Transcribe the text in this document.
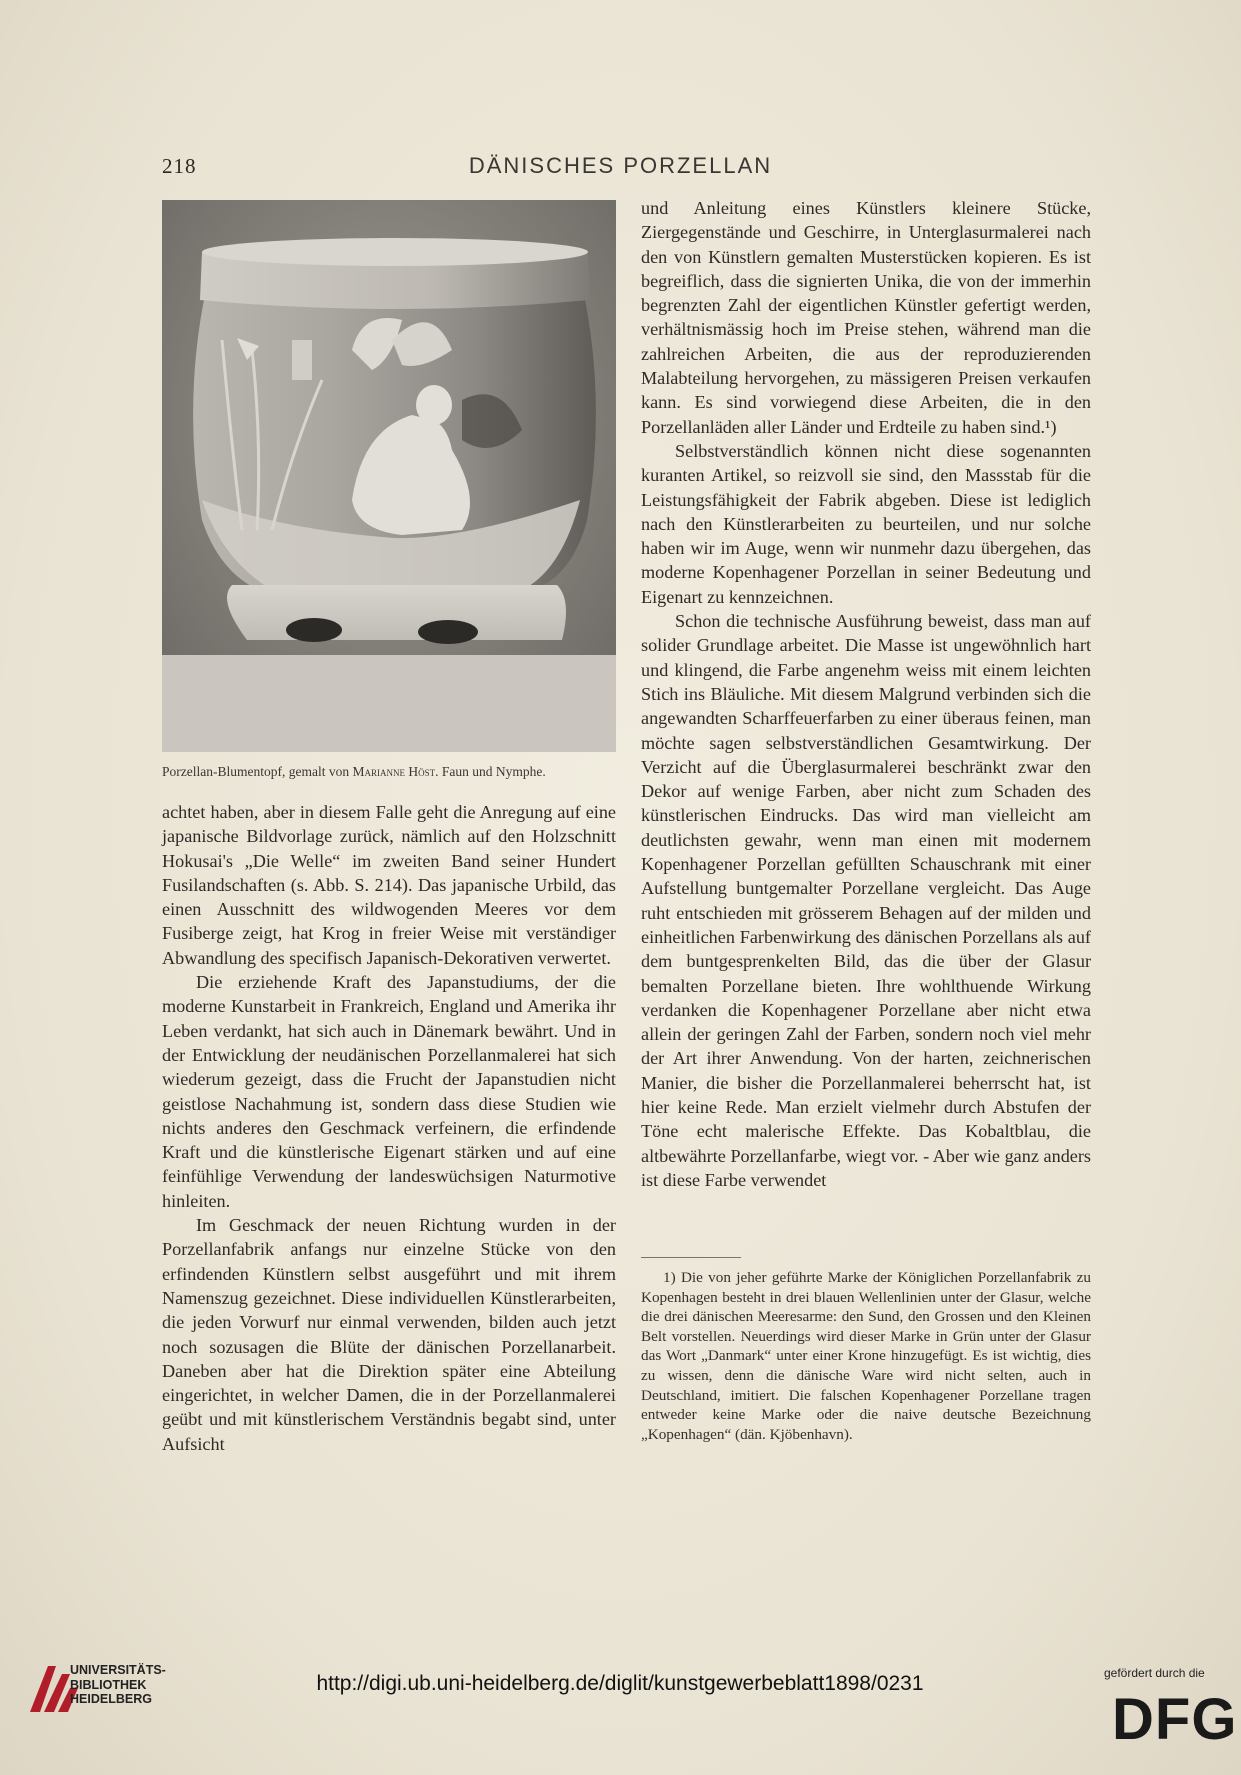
218	DÄNISCHES PORZELLAN
Porzellan-Blumentopf, gemalt von Marianne Höst. Faun und Nymphe.

achtet haben, aber in diesem Falle geht die Anregung auf eine japanische Bildvorlage zurück, nämlich auf den Holzschnitt Hokusai's „Die Welle“ im zweiten Band seiner Hundert Fusilandschaften (s. Abb. S. 214). Das japanische Urbild, das einen Ausschnitt des wildwogenden Meeres vor dem Fusiberge zeigt, hat Krog in freier Weise mit verständiger Abwandlung des specifisch Japanisch-Dekorativen verwertet.

Die erziehende Kraft des Japanstudiums, der die moderne Kunstarbeit in Frankreich, England und Amerika ihr Leben verdankt, hat sich auch in Dänemark bewährt. Und in der Entwicklung der neudänischen Porzellanmalerei hat sich wiederum gezeigt, dass die Frucht der Japanstudien nicht geistlose Nachahmung ist, sondern dass diese Studien wie nichts anderes den Geschmack verfeinern, die erfindende Kraft und die künstlerische Eigenart stärken und auf eine feinfühlige Verwendung der landeswüchsigen Naturmotive hinleiten.

Im Geschmack der neuen Richtung wurden in der Porzellanfabrik anfangs nur einzelne Stücke von den erfindenden Künstlern selbst ausgeführt und mit ihrem Namenszug gezeichnet. Diese individuellen Künstlerarbeiten, die jeden Vorwurf nur einmal verwenden, bilden auch jetzt noch sozusagen die Blüte der dänischen Porzellanarbeit. Daneben aber hat die Direktion später eine Abteilung eingerichtet, in welcher Damen, die in der Porzellanmalerei geübt und mit künstlerischem Verständnis begabt sind, unter Aufsicht

und Anleitung eines Künstlers kleinere Stücke, Ziergegenstände und Geschirre, in Unterglasurmalerei nach den von Künstlern gemalten Musterstücken kopieren. Es ist begreiflich, dass die signierten Unika, die von der immerhin begrenzten Zahl der eigentlichen Künstler gefertigt werden, verhältnismässig hoch im Preise stehen, während man die zahlreichen Arbeiten, die aus der reproduzierenden Malabteilung hervorgehen, zu mässigeren Preisen verkaufen kann. Es sind vorwiegend diese Arbeiten, die in den Porzellanläden aller Länder und Erdteile zu haben sind.¹)

Selbstverständlich können nicht diese sogenannten kuranten Artikel, so reizvoll sie sind, den Massstab für die Leistungsfähigkeit der Fabrik abgeben. Diese ist lediglich nach den Künstlerarbeiten zu beurteilen, und nur solche haben wir im Auge, wenn wir nunmehr dazu übergehen, das moderne Kopenhagener Porzellan in seiner Bedeutung und Eigenart zu kennzeichnen.

Schon die technische Ausführung beweist, dass man auf solider Grundlage arbeitet. Die Masse ist ungewöhnlich hart und klingend, die Farbe angenehm weiss mit einem leichten Stich ins Bläuliche. Mit diesem Malgrund verbinden sich die angewandten Scharffeuerfarben zu einer überaus feinen, man möchte sagen selbstverständlichen Gesamtwirkung. Der Verzicht auf die Überglasurmalerei beschränkt zwar den Dekor auf wenige Farben, aber nicht zum Schaden des künstlerischen Eindrucks. Das wird man vielleicht am deutlichsten gewahr, wenn man einen mit modernem Kopenhagener Porzellan gefüllten Schauschrank mit einer Aufstellung buntgemalter Porzellane vergleicht. Das Auge ruht entschieden mit grösserem Behagen auf der milden und einheitlichen Farbenwirkung des dänischen Porzellans als auf dem buntgesprenkelten Bild, das die über der Glasur bemalten Porzellane bieten. Ihre wohlthuende Wirkung verdanken die Kopenhagener Porzellane aber nicht etwa allein der geringen Zahl der Farben, sondern noch viel mehr der Art ihrer Anwendung. Von der harten, zeichnerischen Manier, die bisher die Porzellanmalerei beherrscht hat, ist hier keine Rede. Man erzielt vielmehr durch Abstufen der Töne echt malerische Effekte. Das Kobaltblau, die altbewährte Porzellanfarbe, wiegt vor. - Aber wie ganz anders ist diese Farbe verwendet

1) Die von jeher geführte Marke der Königlichen Porzellanfabrik zu Kopenhagen besteht in drei blauen Wellenlinien unter der Glasur, welche die drei dänischen Meeresarme: den Sund, den Grossen und den Kleinen Belt vorstellen. Neuerdings wird dieser Marke in Grün unter der Glasur das Wort „Danmark“ unter einer Krone hinzugefügt. Es ist wichtig, dies zu wissen, denn die dänische Ware wird nicht selten, auch in Deutschland, imitiert. Die falschen Kopenhagener Porzellane tragen entweder keine Marke oder die naive deutsche Bezeichnung „Kopenhagen“ (dän. Kjöbenhavn).

UNIVERSITÄTS-
BIBLIOTHEK
HEIDELBERG
http://digi.ub.uni-heidelberg.de/diglit/kunstgewerbeblatt1898/0231	gefördert durch die
DFG
